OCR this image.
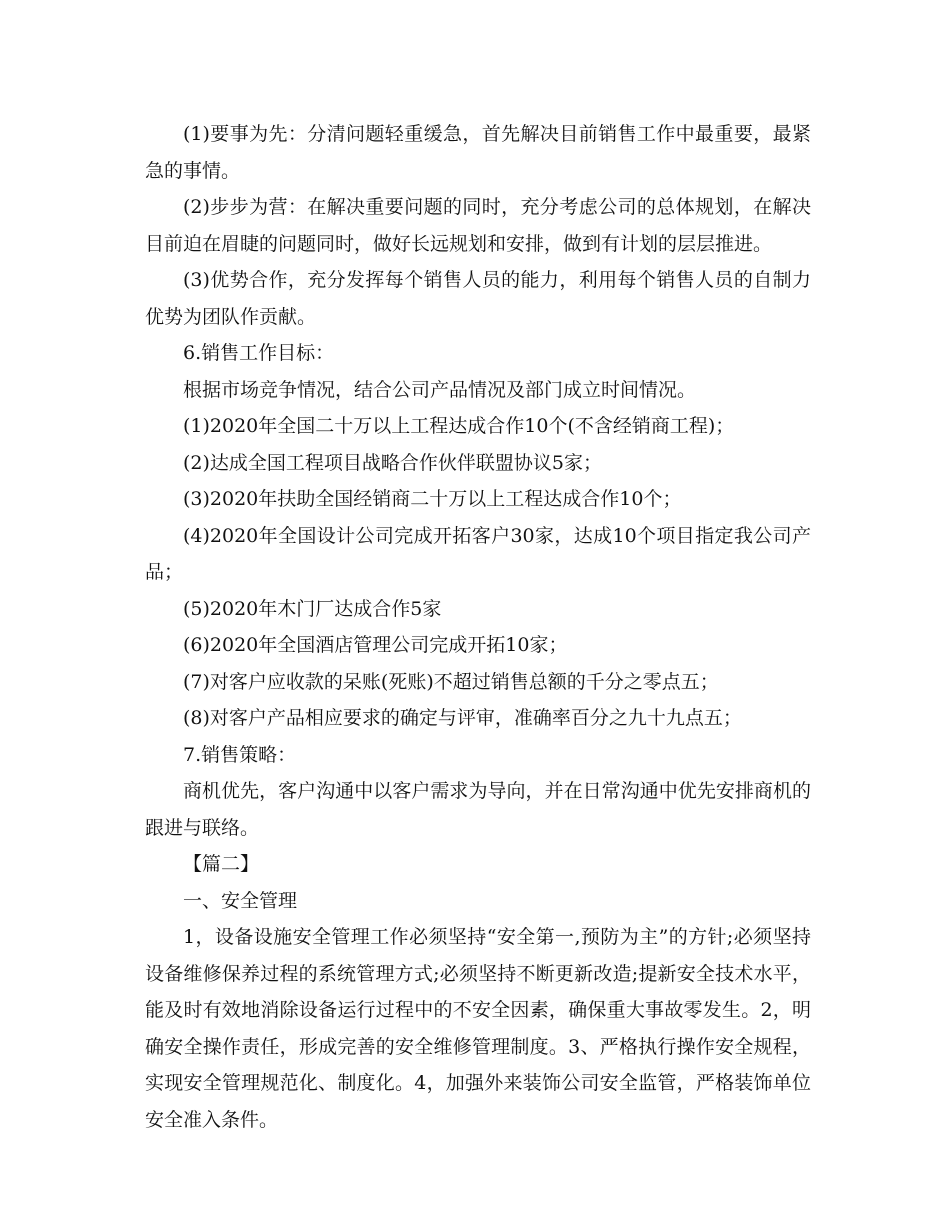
(1)要事为先：分清问题轻重缓急，首先解决目前销售工作中最重要，最紧急的事情。

(2)步步为营：在解决重要问题的同时，充分考虑公司的总体规划，在解决目前迫在眉睫的问题同时，做好长远规划和安排，做到有计划的层层推进。

(3)优势合作，充分发挥每个销售人员的能力，利用每个销售人员的自制力优势为团队作贡献。

6.销售工作目标：

根据市场竞争情况，结合公司产品情况及部门成立时间情况。

(1)2020年全国二十万以上工程达成合作10个(不含经销商工程)；

(2)达成全国工程项目战略合作伙伴联盟协议5家；

(3)2020年扶助全国经销商二十万以上工程达成合作10个；

(4)2020年全国设计公司完成开拓客户30家，达成10个项目指定我公司产品；

(5)2020年木门厂达成合作5家

(6)2020年全国酒店管理公司完成开拓10家；

(7)对客户应收款的呆账(死账)不超过销售总额的千分之零点五；

(8)对客户产品相应要求的确定与评审，准确率百分之九十九点五；

7.销售策略：

商机优先，客户沟通中以客户需求为导向，并在日常沟通中优先安排商机的跟进与联络。

【篇二】

一、安全管理

1，设备设施安全管理工作必须坚持“安全第一,预防为主”的方针;必须坚持设备维修保养过程的系统管理方式;必须坚持不断更新改造;提新安全技术水平，能及时有效地消除设备运行过程中的不安全因素，确保重大事故零发生。2，明确安全操作责任，形成完善的安全维修管理制度。3、严格执行操作安全规程，实现安全管理规范化、制度化。4，加强外来装饰公司安全监管，严格装饰单位安全准入条件。
